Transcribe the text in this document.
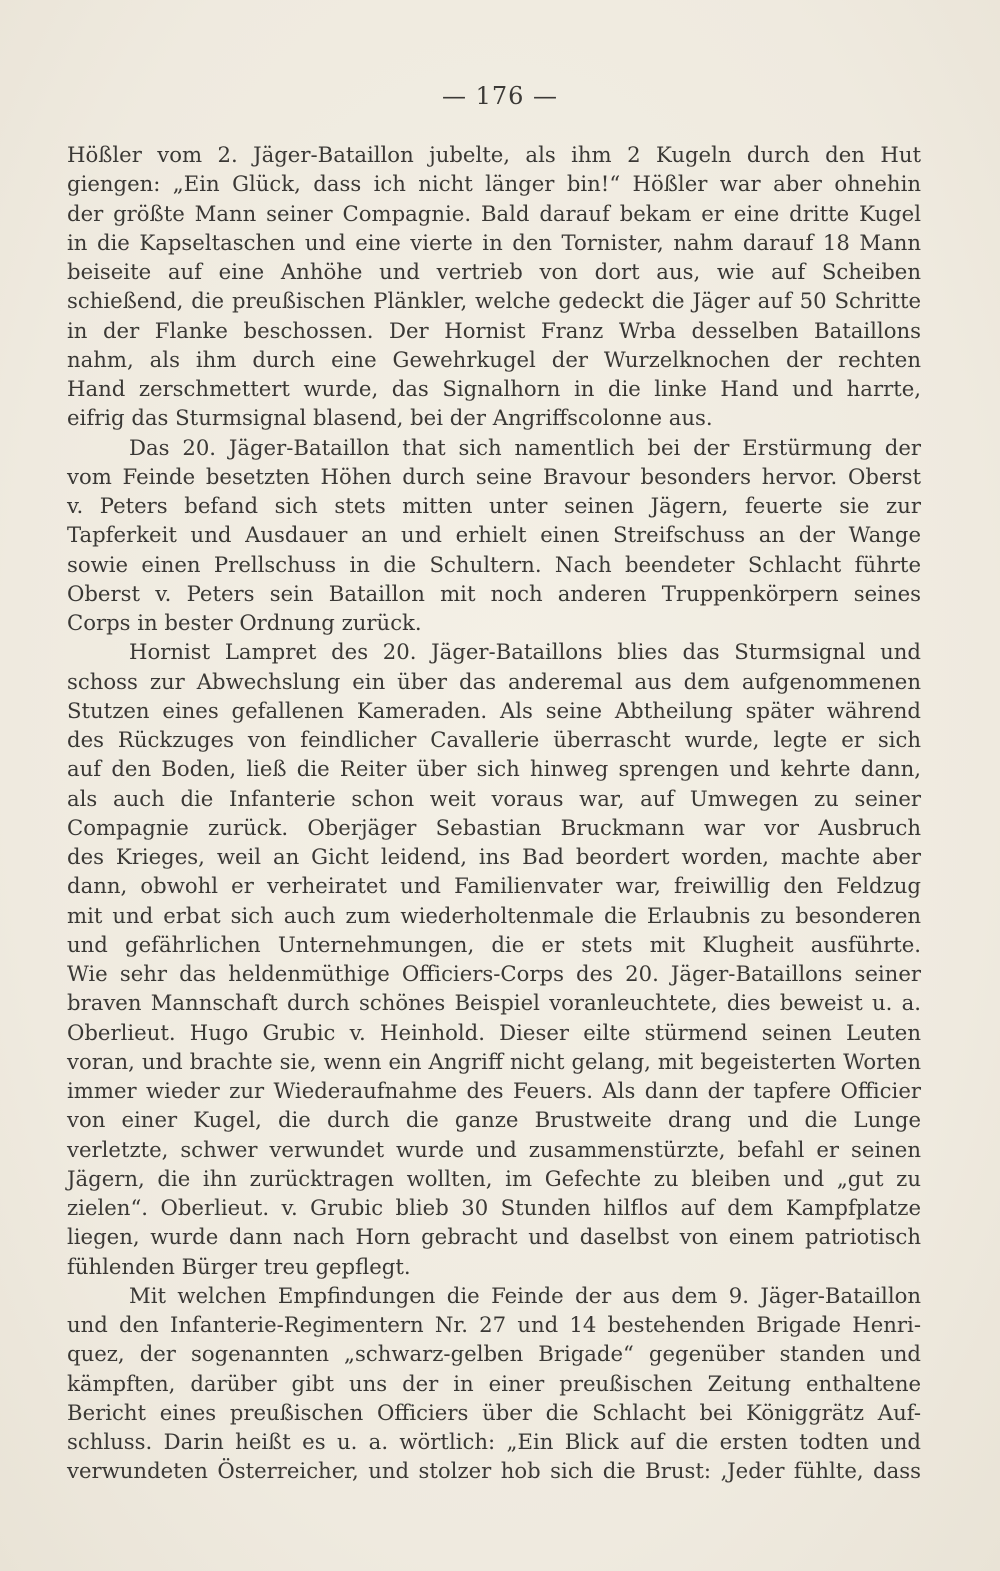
— 176 —
Hößler vom 2. Jäger-Bataillon jubelte, als ihm 2 Kugeln durch den Hut
giengen: „Ein Glück, dass ich nicht länger bin!“ Hößler war aber ohnehin
der größte Mann seiner Compagnie. Bald darauf bekam er eine dritte Kugel
in die Kapseltaschen und eine vierte in den Tornister, nahm darauf 18 Mann
beiseite auf eine Anhöhe und vertrieb von dort aus, wie auf Scheiben
schießend, die preußischen Plänkler, welche gedeckt die Jäger auf 50 Schritte
in der Flanke beschossen. Der Hornist Franz Wrba desselben Bataillons
nahm, als ihm durch eine Gewehrkugel der Wurzelknochen der rechten
Hand zerschmettert wurde, das Signalhorn in die linke Hand und harrte,
eifrig das Sturmsignal blasend, bei der Angriffscolonne aus.
Das 20. Jäger-Bataillon that sich namentlich bei der Erstürmung der
vom Feinde besetzten Höhen durch seine Bravour besonders hervor. Oberst
v. Peters befand sich stets mitten unter seinen Jägern, feuerte sie zur
Tapferkeit und Ausdauer an und erhielt einen Streifschuss an der Wange
sowie einen Prellschuss in die Schultern. Nach beendeter Schlacht führte
Oberst v. Peters sein Bataillon mit noch anderen Truppenkörpern seines
Corps in bester Ordnung zurück.
Hornist Lampret des 20. Jäger-Bataillons blies das Sturmsignal und
schoss zur Abwechslung ein über das anderemal aus dem aufgenommenen
Stutzen eines gefallenen Kameraden. Als seine Abtheilung später während
des Rückzuges von feindlicher Cavallerie überrascht wurde, legte er sich
auf den Boden, ließ die Reiter über sich hinweg sprengen und kehrte dann,
als auch die Infanterie schon weit voraus war, auf Umwegen zu seiner
Compagnie zurück. Oberjäger Sebastian Bruckmann war vor Ausbruch
des Krieges, weil an Gicht leidend, ins Bad beordert worden, machte aber
dann, obwohl er verheiratet und Familienvater war, freiwillig den Feldzug
mit und erbat sich auch zum wiederholtenmale die Erlaubnis zu besonderen
und gefährlichen Unternehmungen, die er stets mit Klugheit ausführte.
Wie sehr das heldenmüthige Officiers-Corps des 20. Jäger-Bataillons seiner
braven Mannschaft durch schönes Beispiel voranleuchtete, dies beweist u. a.
Oberlieut. Hugo Grubic v. Heinhold. Dieser eilte stürmend seinen Leuten
voran, und brachte sie, wenn ein Angriff nicht gelang, mit begeisterten Worten
immer wieder zur Wiederaufnahme des Feuers. Als dann der tapfere Officier
von einer Kugel, die durch die ganze Brustweite drang und die Lunge
verletzte, schwer verwundet wurde und zusammenstürzte, befahl er seinen
Jägern, die ihn zurücktragen wollten, im Gefechte zu bleiben und „gut zu
zielen“. Oberlieut. v. Grubic blieb 30 Stunden hilflos auf dem Kampfplatze
liegen, wurde dann nach Horn gebracht und daselbst von einem patriotisch
fühlenden Bürger treu gepflegt.
Mit welchen Empfindungen die Feinde der aus dem 9. Jäger-Bataillon
und den Infanterie-Regimentern Nr. 27 und 14 bestehenden Brigade Henri-
quez, der sogenannten „schwarz-gelben Brigade“ gegenüber standen und
kämpften, darüber gibt uns der in einer preußischen Zeitung enthaltene
Bericht eines preußischen Officiers über die Schlacht bei Königgrätz Auf-
schluss. Darin heißt es u. a. wörtlich: „Ein Blick auf die ersten todten und
verwundeten Österreicher, und stolzer hob sich die Brust: ‚Jeder fühlte, dass
